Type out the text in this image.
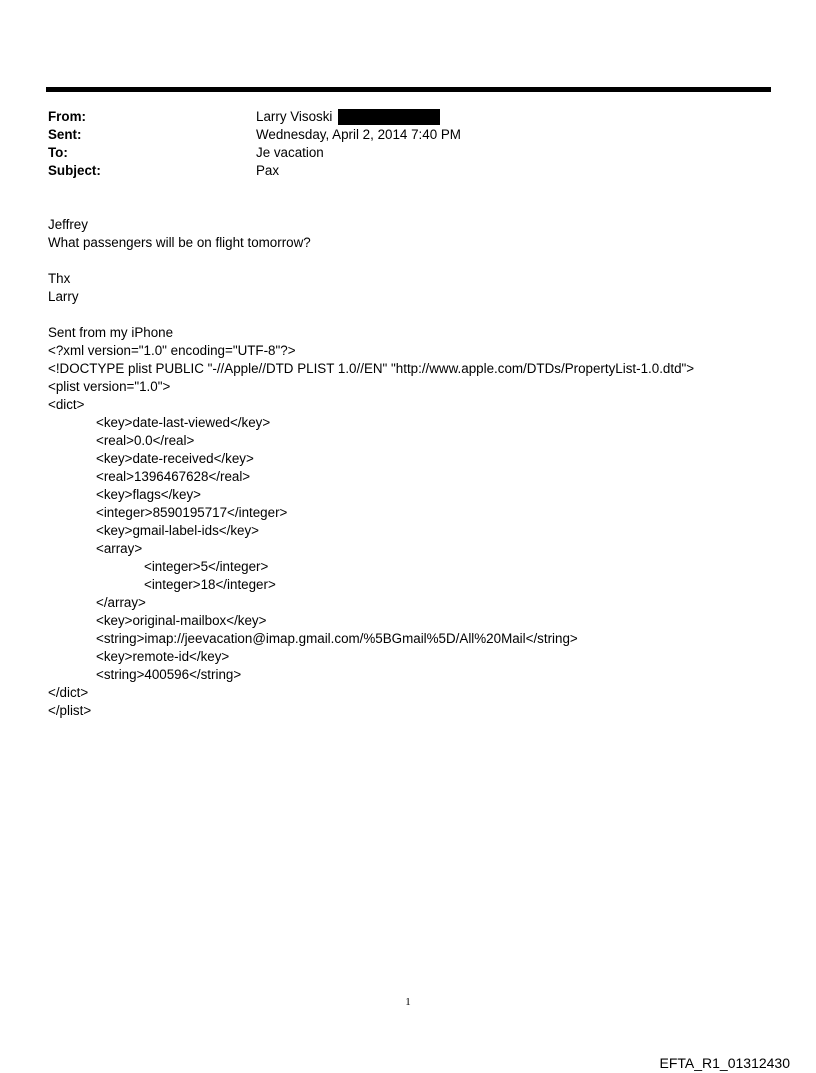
From:	Larry Visoski
Sent:	Wednesday, April 2, 2014 7:40 PM
To:	Je vacation
Subject:	Pax
Jeffrey
What passengers will be on flight tomorrow?
Thx
Larry
Sent from my iPhone
<?xml version="1.0" encoding="UTF-8"?>
<!DOCTYPE plist PUBLIC "-//Apple//DTD PLIST 1.0//EN" "http://www.apple.com/DTDs/PropertyList-1.0.dtd">
<plist version="1.0">
<dict>
<key>date-last-viewed</key>
<real>0.0</real>
<key>date-received</key>
<real>1396467628</real>
<key>flags</key>
<integer>8590195717</integer>
<key>gmail-label-ids</key>
<array>
<integer>5</integer>
<integer>18</integer>
</array>
<key>original-mailbox</key>
<string>imap://jeevacation@imap.gmail.com/%5BGmail%5D/All%20Mail</string>
<key>remote-id</key>
<string>400596</string>
</dict>
</plist>
1
EFTA_R1_01312430
